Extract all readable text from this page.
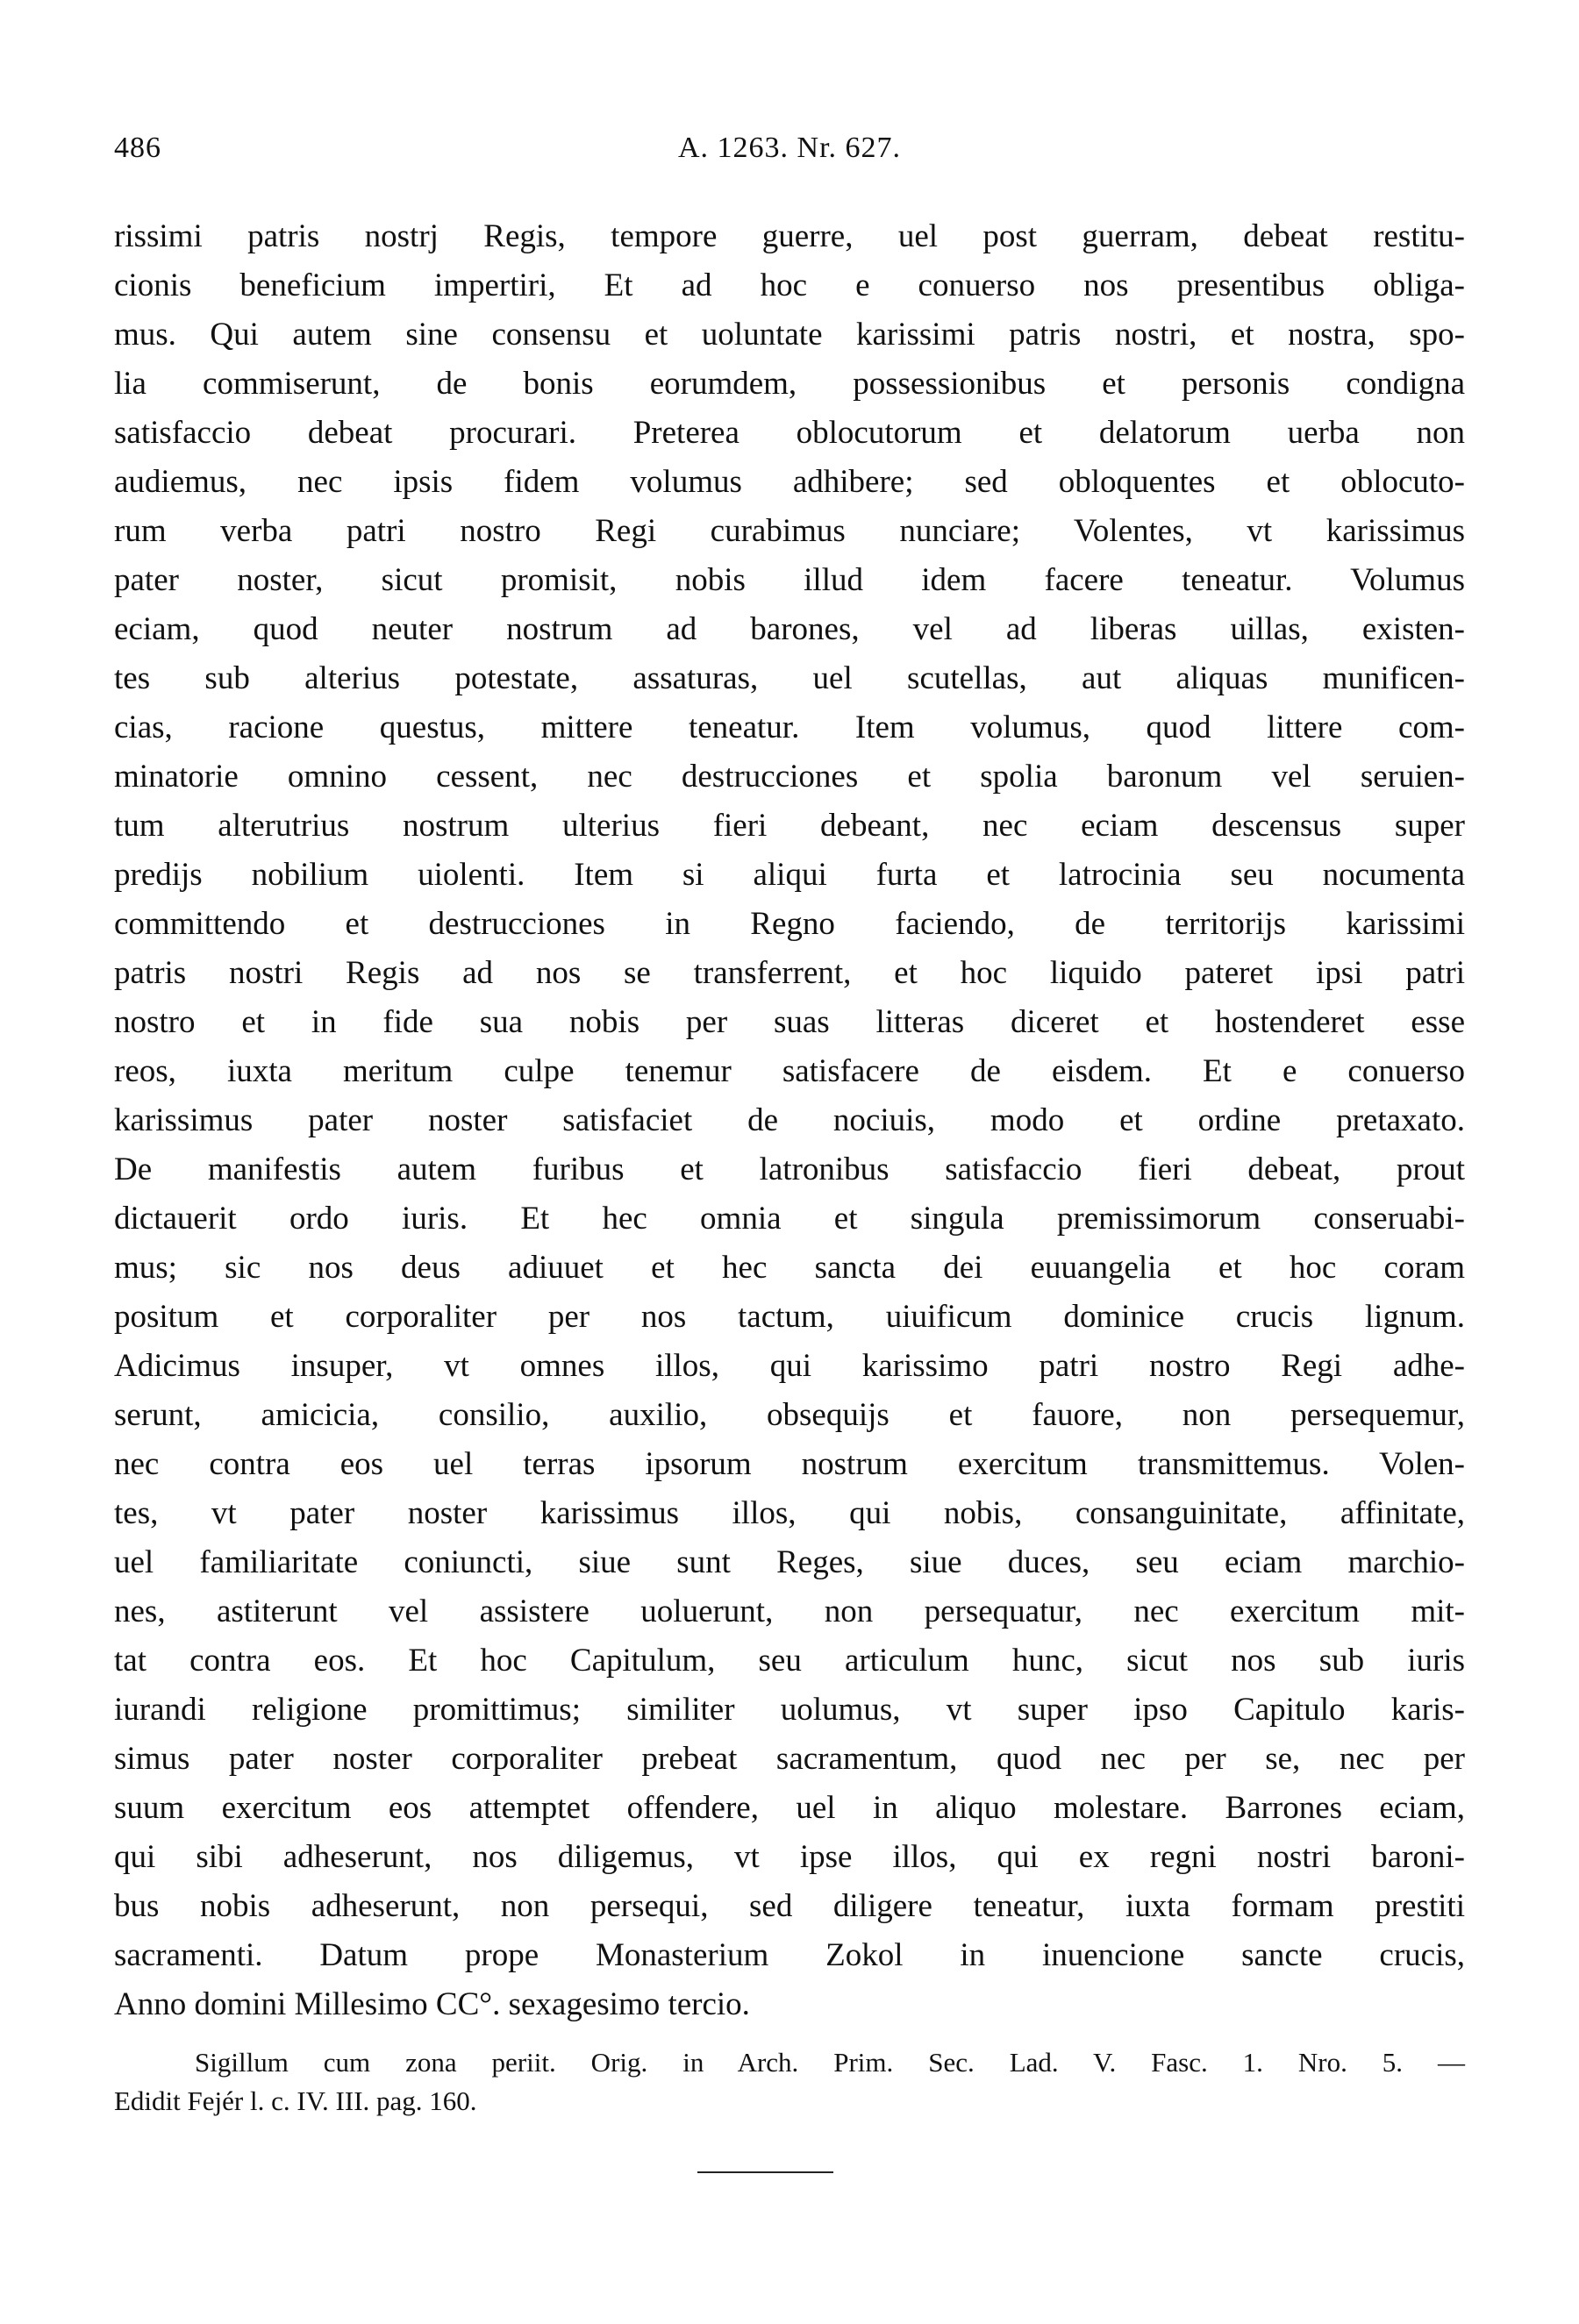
486	A. 1263. Nr. 627.
rissimi patris nostrj Regis, tempore guerre, uel post guerram, debeat restitu-
cionis beneficium impertiri, Et ad hoc e conuerso nos presentibus obliga-
mus. Qui autem sine consensu et uoluntate karissimi patris nostri, et nostra, spo-
lia commiserunt, de bonis eorumdem, possessionibus et personis condigna
satisfaccio debeat procurari. Preterea oblocutorum et delatorum uerba non
audiemus, nec ipsis fidem volumus adhibere; sed obloquentes et oblocuto-
rum verba patri nostro Regi curabimus nunciare; Volentes, vt karissimus
pater noster, sicut promisit, nobis illud idem facere teneatur. Volumus
eciam, quod neuter nostrum ad barones, vel ad liberas uillas, existen-
tes sub alterius potestate, assaturas, uel scutellas, aut aliquas munificen-
cias, racione questus, mittere teneatur. Item volumus, quod littere com-
minatorie omnino cessent, nec destrucciones et spolia baronum vel seruien-
tum alterutrius nostrum ulterius fieri debeant, nec eciam descensus super
predijs nobilium uiolenti. Item si aliqui furta et latrocinia seu nocumenta
committendo et destrucciones in Regno faciendo, de territorijs karissimi
patris nostri Regis ad nos se transferrent, et hoc liquido pateret ipsi patri
nostro et in fide sua nobis per suas litteras diceret et hostenderet esse
reos, iuxta meritum culpe tenemur satisfacere de eisdem. Et e conuerso
karissimus pater noster satisfaciet de nociuis, modo et ordine pretaxato.
De manifestis autem furibus et latronibus satisfaccio fieri debeat, prout
dictauerit ordo iuris. Et hec omnia et singula premissimorum conseruabi-
mus; sic nos deus adiuuet et hec sancta dei euuangelia et hoc coram
positum et corporaliter per nos tactum, uiuificum dominice crucis lignum.
Adicimus insuper, vt omnes illos, qui karissimo patri nostro Regi adhe-
serunt, amicicia, consilio, auxilio, obsequijs et fauore, non persequemur,
nec contra eos uel terras ipsorum nostrum exercitum transmittemus. Volen-
tes, vt pater noster karissimus illos, qui nobis, consanguinitate, affinitate,
uel familiaritate coniuncti, siue sunt Reges, siue duces, seu eciam marchio-
nes, astiterunt vel assistere uoluerunt, non persequatur, nec exercitum mit-
tat contra eos. Et hoc Capitulum, seu articulum hunc, sicut nos sub iuris
iurandi religione promittimus; similiter uolumus, vt super ipso Capitulo karis-
simus pater noster corporaliter prebeat sacramentum, quod nec per se, nec per
suum exercitum eos attemptet offendere, uel in aliquo molestare. Barrones eciam,
qui sibi adheserunt, nos diligemus, vt ipse illos, qui ex regni nostri baroni-
bus nobis adheserunt, non persequi, sed diligere teneatur, iuxta formam prestiti
sacramenti. Datum prope Monasterium Zokol in inuencione sancte crucis,
Anno domini Millesimo CC°. sexagesimo tercio.
Sigillum cum zona periit. Orig. in Arch. Prim. Sec. Lad. V. Fasc. 1. Nro. 5. —
Edidit Fejér l. c. IV. III. pag. 160.
